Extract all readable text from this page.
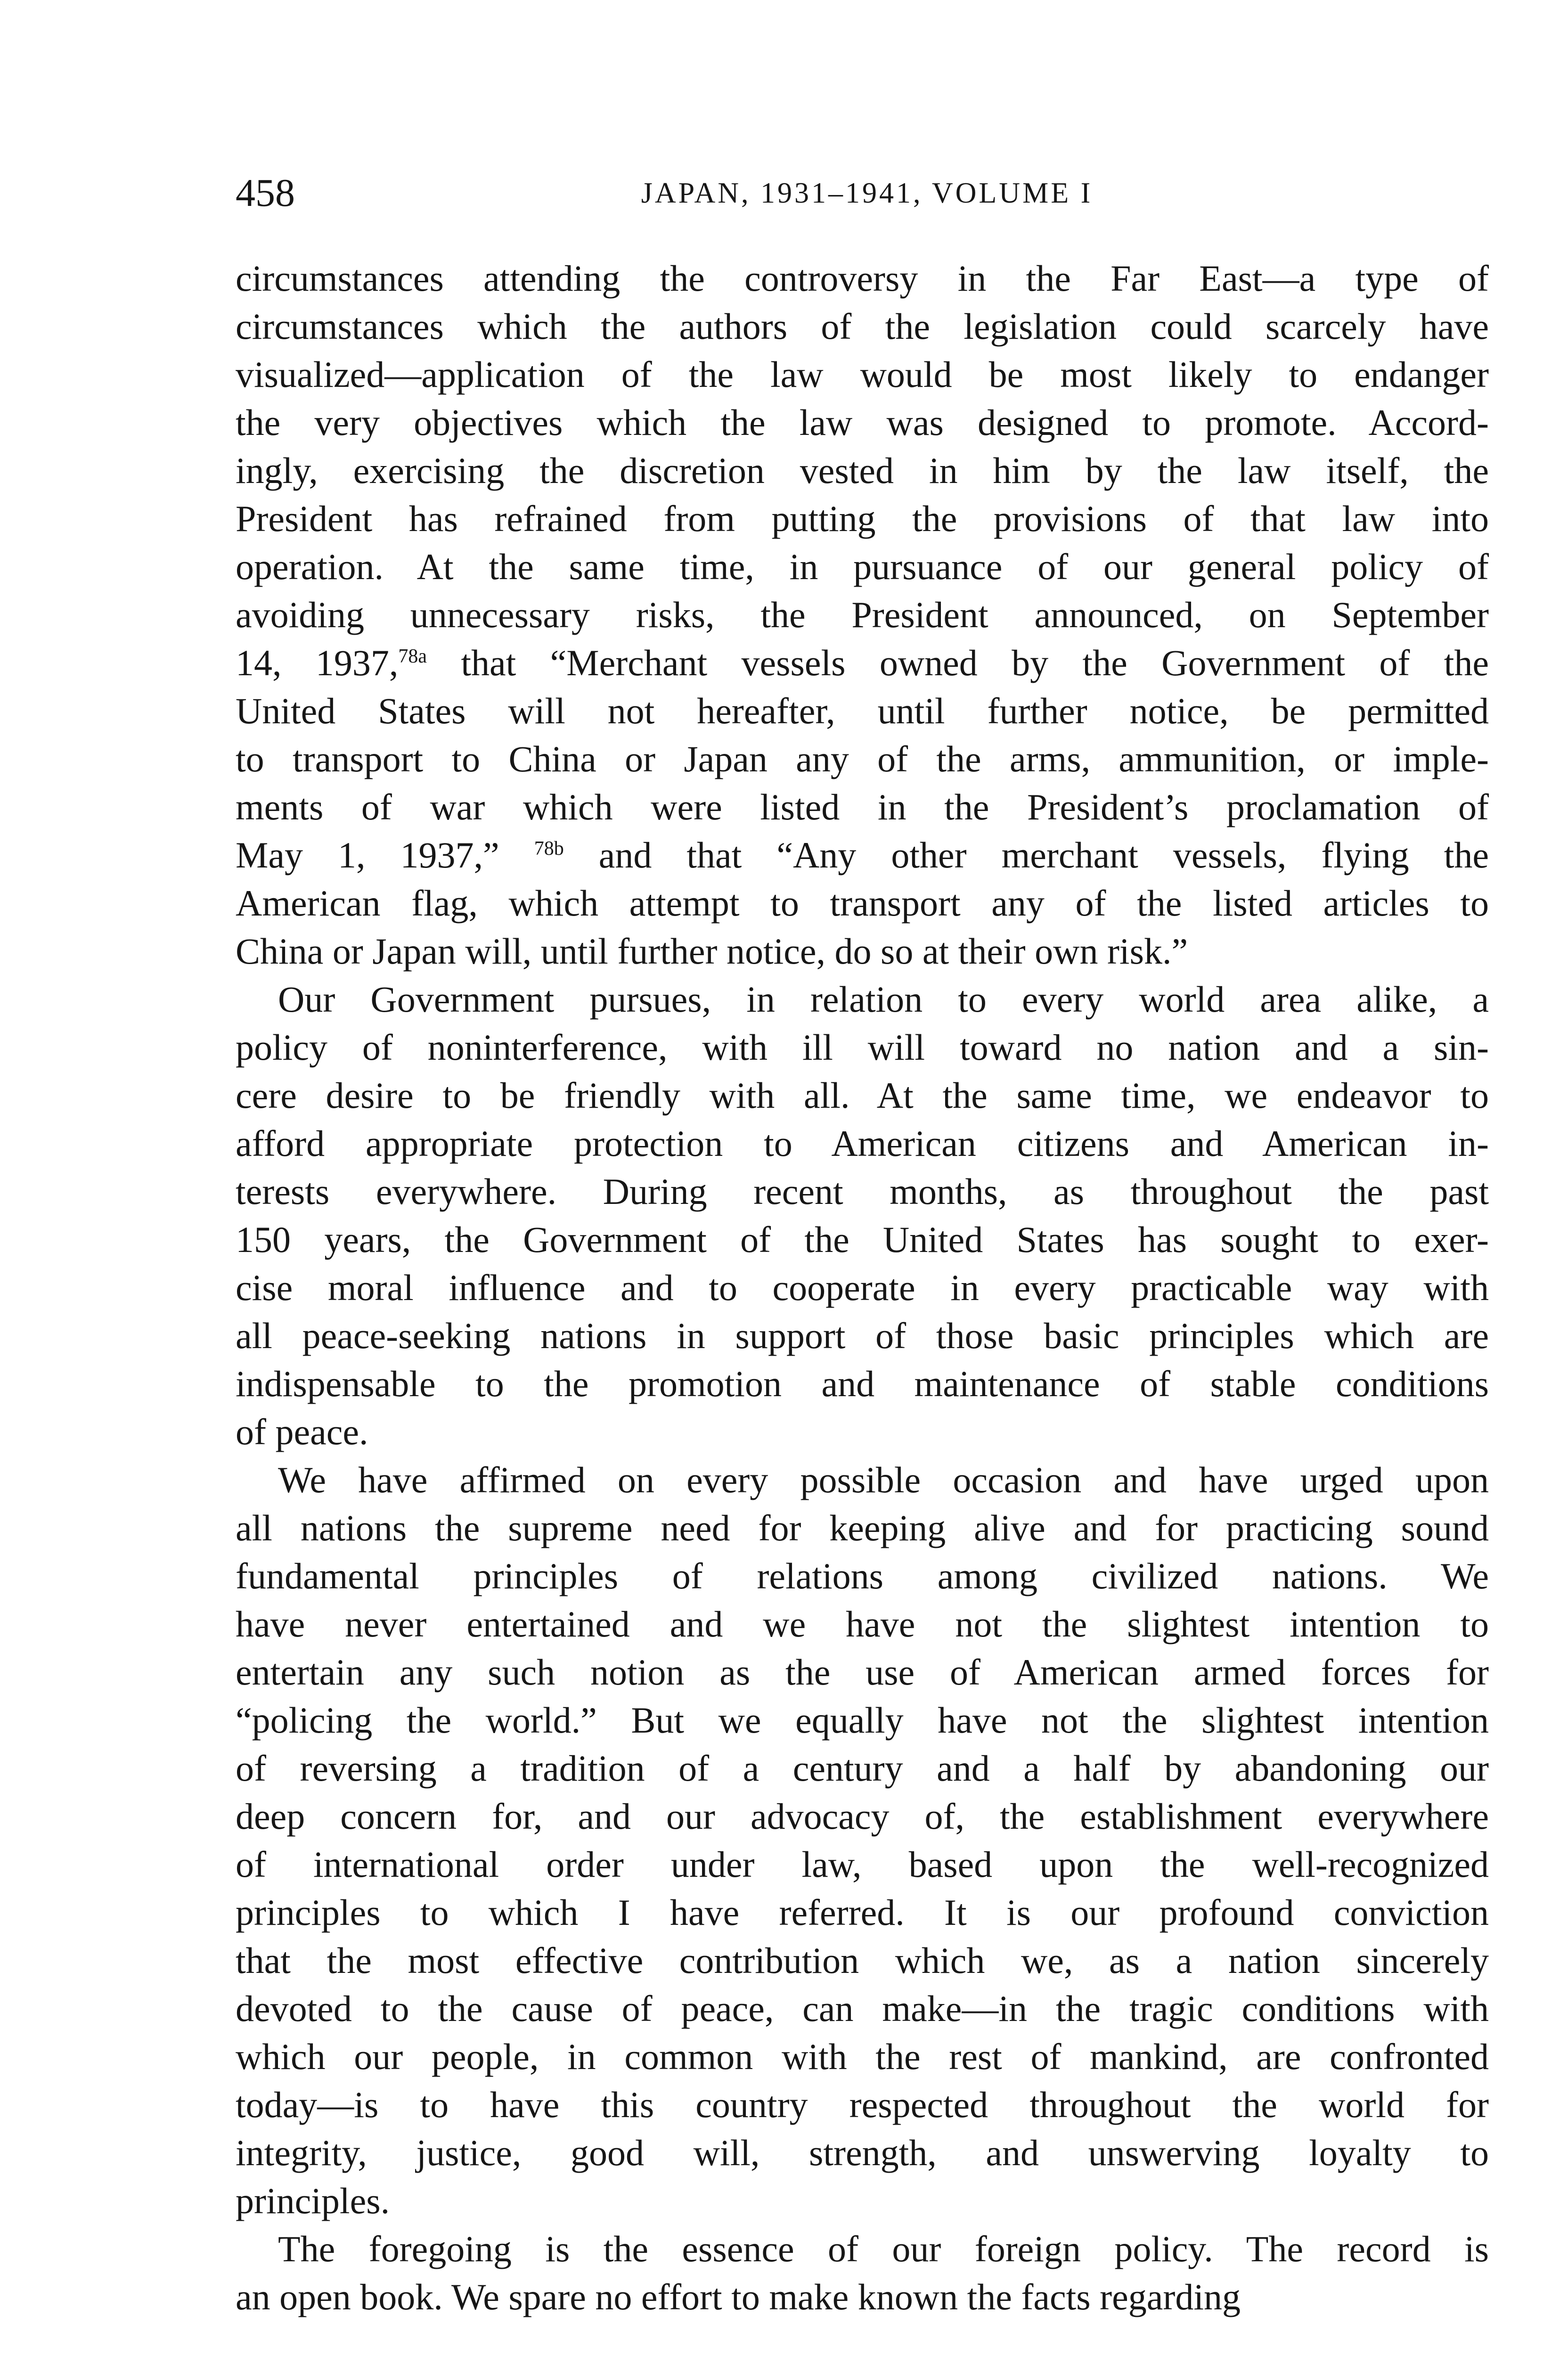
458	JAPAN, 1931–1941, VOLUME I
circumstances attending the controversy in the Far East—a type of
circumstances which the authors of the legislation could scarcely have
visualized—application of the law would be most likely to endanger
the very objectives which the law was designed to promote. Accord-
ingly, exercising the discretion vested in him by the law itself, the
President has refrained from putting the provisions of that law into
operation. At the same time, in pursuance of our general policy of
avoiding unnecessary risks, the President announced, on September
14, 1937,$^{78a}$ that “Merchant vessels owned by the Government of the
United States will not hereafter, until further notice, be permitted
to transport to China or Japan any of the arms, ammunition, or imple-
ments of war which were listed in the President’s proclamation of
May 1, 1937,” $^{78b}$ and that “Any other merchant vessels, flying the
American flag, which attempt to transport any of the listed articles to
China or Japan will, until further notice, do so at their own risk.”
Our Government pursues, in relation to every world area alike, a
policy of noninterference, with ill will toward no nation and a sin-
cere desire to be friendly with all. At the same time, we endeavor to
afford appropriate protection to American citizens and American in-
terests everywhere. During recent months, as throughout the past
150 years, the Government of the United States has sought to exer-
cise moral influence and to cooperate in every practicable way with
all peace-seeking nations in support of those basic principles which are
indispensable to the promotion and maintenance of stable conditions
of peace.
We have affirmed on every possible occasion and have urged upon
all nations the supreme need for keeping alive and for practicing sound
fundamental principles of relations among civilized nations. We
have never entertained and we have not the slightest intention to
entertain any such notion as the use of American armed forces for
“policing the world.” But we equally have not the slightest intention
of reversing a tradition of a century and a half by abandoning our
deep concern for, and our advocacy of, the establishment everywhere
of international order under law, based upon the well-recognized
principles to which I have referred. It is our profound conviction
that the most effective contribution which we, as a nation sincerely
devoted to the cause of peace, can make—in the tragic conditions with
which our people, in common with the rest of mankind, are confronted
today—is to have this country respected throughout the world for
integrity, justice, good will, strength, and unswerving loyalty to
principles.
The foregoing is the essence of our foreign policy. The record is
an open book. We spare no effort to make known the facts regarding
